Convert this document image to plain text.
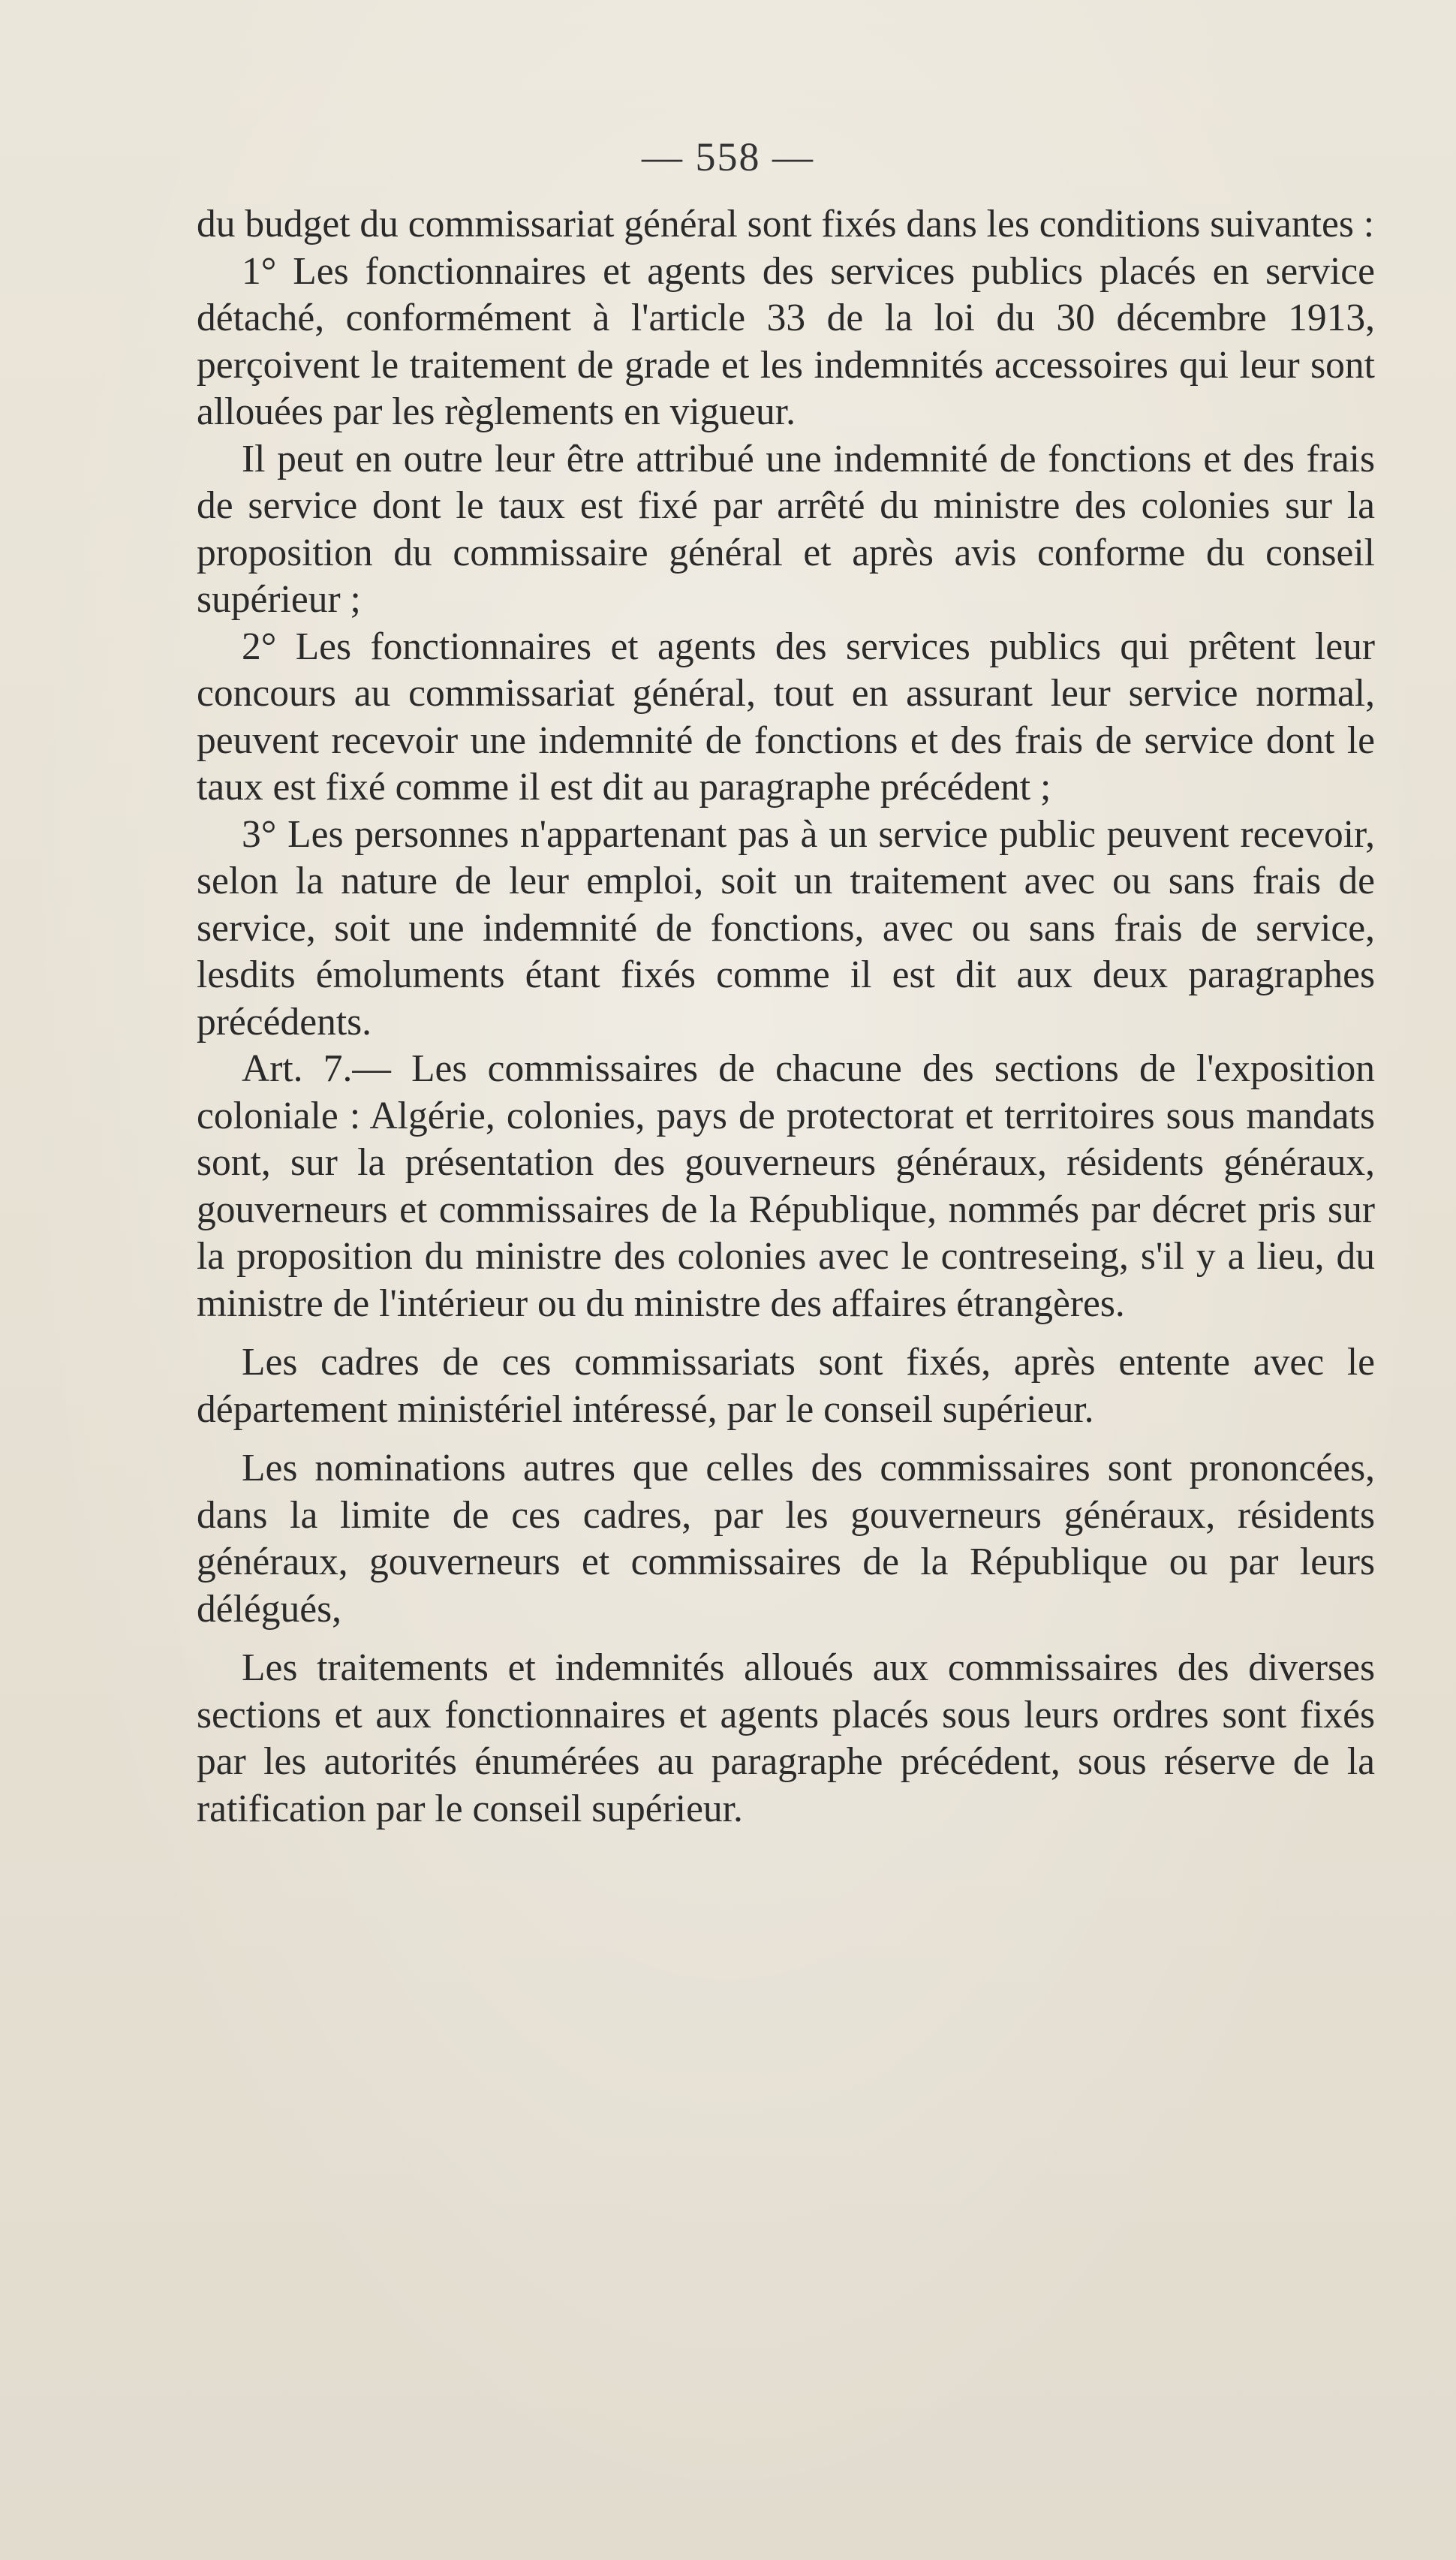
— 558 —

du budget du commissariat général sont fixés dans les conditions suivantes :

1° Les fonctionnaires et agents des services publics placés en service détaché, conformément à l'article 33 de la loi du 30 décembre 1913, perçoivent le traitement de grade et les indemnités accessoires qui leur sont allouées par les règlements en vigueur.

Il peut en outre leur être attribué une indemnité de fonctions et des frais de service dont le taux est fixé par arrêté du ministre des colonies sur la proposition du commissaire général et après avis conforme du conseil supérieur ;

2° Les fonctionnaires et agents des services publics qui prêtent leur concours au commissariat général, tout en assurant leur service normal, peuvent recevoir une indemnité de fonctions et des frais de service dont le taux est fixé comme il est dit au paragraphe précédent ;

3° Les personnes n'appartenant pas à un service public peuvent recevoir, selon la nature de leur emploi, soit un traitement avec ou sans frais de service, soit une indemnité de fonctions, avec ou sans frais de service, lesdits émoluments étant fixés comme il est dit aux deux paragraphes précédents.

Art. 7.— Les commissaires de chacune des sections de l'exposition coloniale : Algérie, colonies, pays de protectorat et territoires sous mandats sont, sur la présentation des gouverneurs généraux, résidents généraux, gouverneurs et commissaires de la République, nommés par décret pris sur la proposition du ministre des colonies avec le contreseing, s'il y a lieu, du ministre de l'intérieur ou du ministre des affaires étrangères.

Les cadres de ces commissariats sont fixés, après entente avec le département ministériel intéressé, par le conseil supérieur.

Les nominations autres que celles des commissaires sont prononcées, dans la limite de ces cadres, par les gouverneurs généraux, résidents généraux, gouverneurs et commissaires de la République ou par leurs délégués,

Les traitements et indemnités alloués aux commissaires des diverses sections et aux fonctionnaires et agents placés sous leurs ordres sont fixés par les autorités énumérées au paragraphe précédent, sous réserve de la ratification par le conseil supérieur.
